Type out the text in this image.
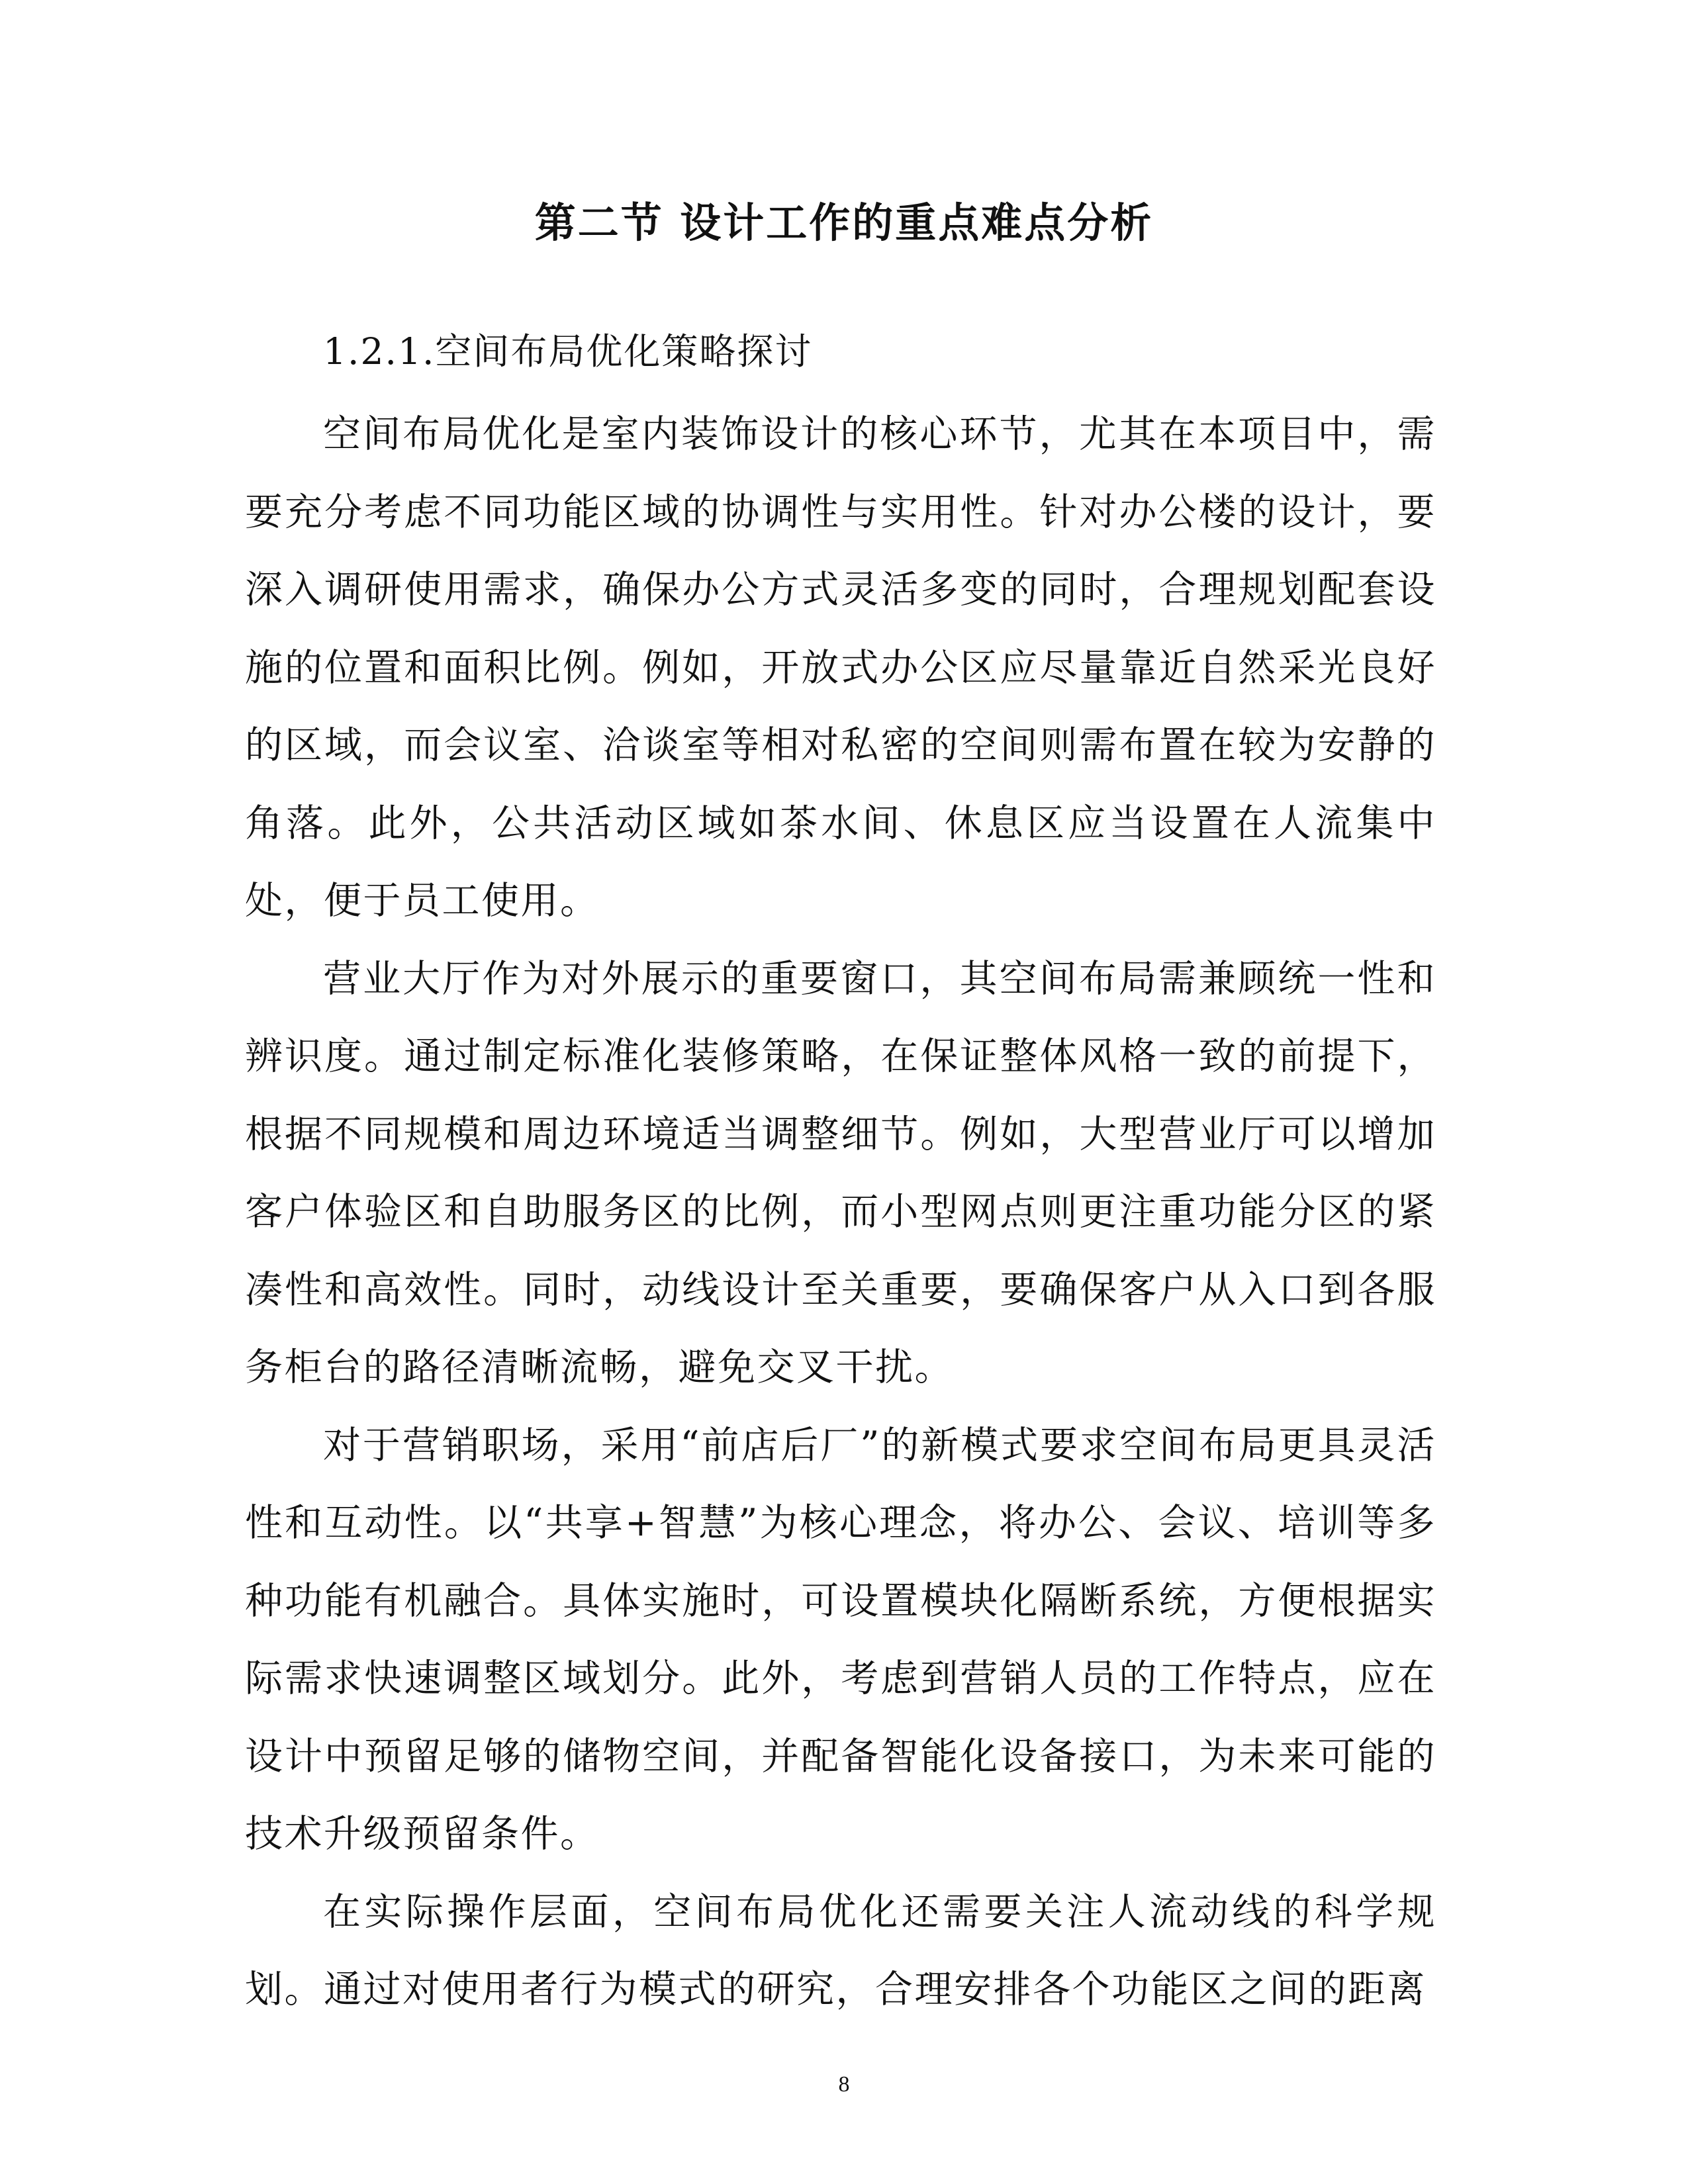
第二节 设计工作的重点难点分析
1.2.1.空间布局优化策略探讨

空间布局优化是室内装饰设计的核心环节，尤其在本项目中，需要充分考虑不同功能区域的协调性与实用性。针对办公楼的设计，要深入调研使用需求，确保办公方式灵活多变的同时，合理规划配套设施的位置和面积比例。例如，开放式办公区应尽量靠近自然采光良好的区域，而会议室、洽谈室等相对私密的空间则需布置在较为安静的角落。此外，公共活动区域如茶水间、休息区应当设置在人流集中处，便于员工使用。

营业大厅作为对外展示的重要窗口，其空间布局需兼顾统一性和辨识度。通过制定标准化装修策略，在保证整体风格一致的前提下，根据不同规模和周边环境适当调整细节。例如，大型营业厅可以增加客户体验区和自助服务区的比例，而小型网点则更注重功能分区的紧凑性和高效性。同时，动线设计至关重要，要确保客户从入口到各服务柜台的路径清晰流畅，避免交叉干扰。

对于营销职场，采用“前店后厂”的新模式要求空间布局更具灵活性和互动性。以“共享+智慧”为核心理念，将办公、会议、培训等多种功能有机融合。具体实施时，可设置模块化隔断系统，方便根据实际需求快速调整区域划分。此外，考虑到营销人员的工作特点，应在设计中预留足够的储物空间，并配备智能化设备接口，为未来可能的技术升级预留条件。

在实际操作层面，空间布局优化还需要关注人流动线的科学规划。通过对使用者行为模式的研究，合理安排各个功能区之间的距离

8
